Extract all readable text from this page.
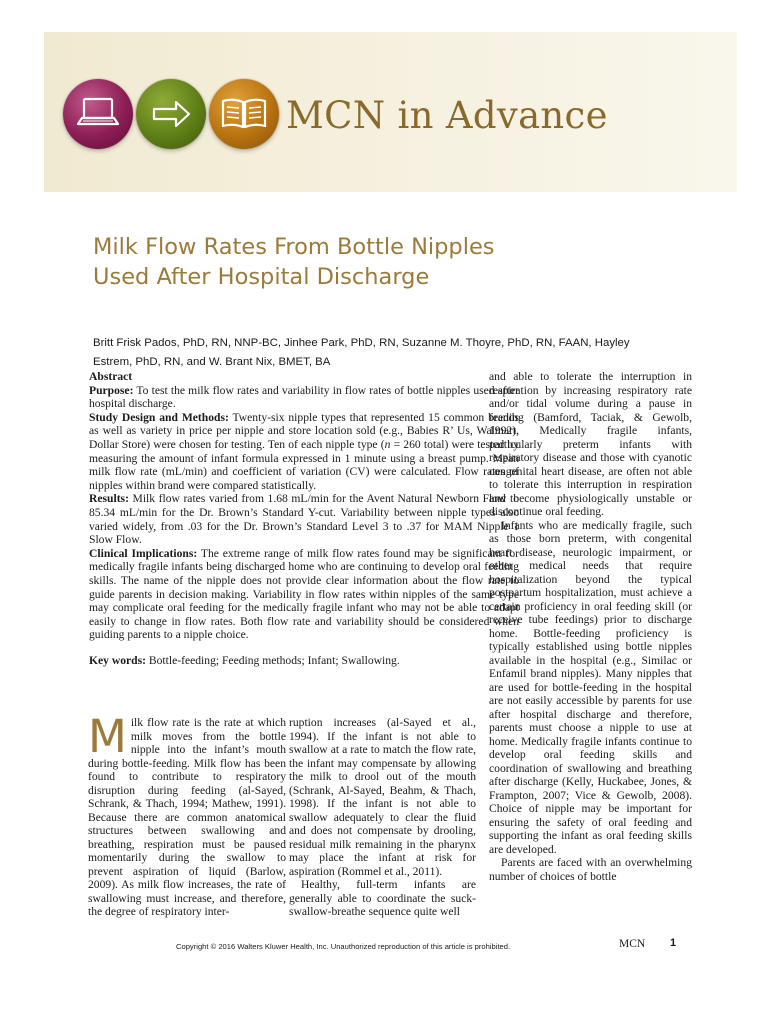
MCN in Advance
Milk Flow Rates From Bottle Nipples
Used After Hospital Discharge
Britt Frisk Pados, PhD, RN, NNP-BC, Jinhee Park, PhD, RN, Suzanne M. Thoyre, PhD, RN, FAAN, Hayley
Estrem, PhD, RN, and W. Brant Nix, BMET, BA

Abstract

Purpose: To test the milk flow rates and variability in flow rates of bottle nipples used after hospital discharge.

Study Design and Methods: Twenty-six nipple types that represented 15 common brands as well as variety in price per nipple and store location sold (e.g., Babies R’ Us, Walmart, Dollar Store) were chosen for testing. Ten of each nipple type (n = 260 total) were tested by measuring the amount of infant formula expressed in 1 minute using a breast pump. Mean milk flow rate (mL/min) and coefficient of variation (CV) were calculated. Flow rates of nipples within brand were compared statistically.

Results: Milk flow rates varied from 1.68 mL/min for the Avent Natural Newborn Flow to 85.34 mL/min for the Dr. Brown’s Standard Y-cut. Variability between nipple types also varied widely, from .03 for the Dr. Brown’s Standard Level 3 to .37 for MAM Nipple 1 Slow Flow.

Clinical Implications: The extreme range of milk flow rates found may be significant for medically fragile infants being discharged home who are continuing to develop oral feeding skills. The name of the nipple does not provide clear information about the flow rate to guide parents in decision making. Variability in flow rates within nipples of the same type may complicate oral feeding for the medically fragile infant who may not be able to adapt easily to change in flow rates. Both flow rate and variability should be considered when guiding parents to a nipple choice.

Key words: Bottle-feeding; Feeding methods; Infant; Swallowing.

Milk flow rate is the rate at which milk moves from the bottle nipple into the infant’s mouth during bottle-feeding. Milk flow has been found to contribute to respiratory disruption during feeding (al-Sayed, Schrank, & Thach, 1994; Mathew, 1991). Because there are common anatomical structures between swallowing and breathing, respiration must be paused momentarily during the swallow to prevent aspiration of liquid (Barlow, 2009). As milk flow increases, the rate of swallowing must increase, and therefore, the degree of respiratory inter-

ruption increases (al-Sayed et al., 1994). If the infant is not able to swallow at a rate to match the flow rate, the infant may compensate by allowing the milk to drool out of the mouth (Schrank, Al-Sayed, Beahm, & Thach, 1998). If the infant is not able to swallow adequately to clear the fluid and does not compensate by drooling, residual milk remaining in the pharynx may place the infant at risk for aspiration (Rommel et al., 2011).

Healthy, full-term infants are generally able to coordinate the suck-swallow-breathe sequence quite well

and able to tolerate the interruption in respiration by increasing respiratory rate and/or tidal volume during a pause in feeding (Bamford, Taciak, & Gewolb, 1992). Medically fragile infants, particularly preterm infants with respiratory disease and those with cyanotic congenital heart disease, are often not able to tolerate this interruption in respiration and become physiologically unstable or discontinue oral feeding.

Infants who are medically fragile, such as those born preterm, with congenital heart disease, neurologic impairment, or other medical needs that require hospitalization beyond the typical postpartum hospitalization, must achieve a certain proficiency in oral feeding skill (or receive tube feedings) prior to discharge home. Bottle-feeding proficiency is typically established using bottle nipples available in the hospital (e.g., Similac or Enfamil brand nipples). Many nipples that are used for bottle-feeding in the hospital are not easily accessible by parents for use after hospital discharge and therefore, parents must choose a nipple to use at home. Medically fragile infants continue to develop oral feeding skills and coordination of swallowing and breathing after discharge (Kelly, Huckabee, Jones, & Frampton, 2007; Vice & Gewolb, 2008). Choice of nipple may be important for ensuring the safety of oral feeding and supporting the infant as oral feeding skills are developed.

Parents are faced with an overwhelming number of choices of bottle

Copyright © 2016 Walters Kluwer Health, Inc. Unauthorized reproduction of this article is prohibited.	MCN 1
